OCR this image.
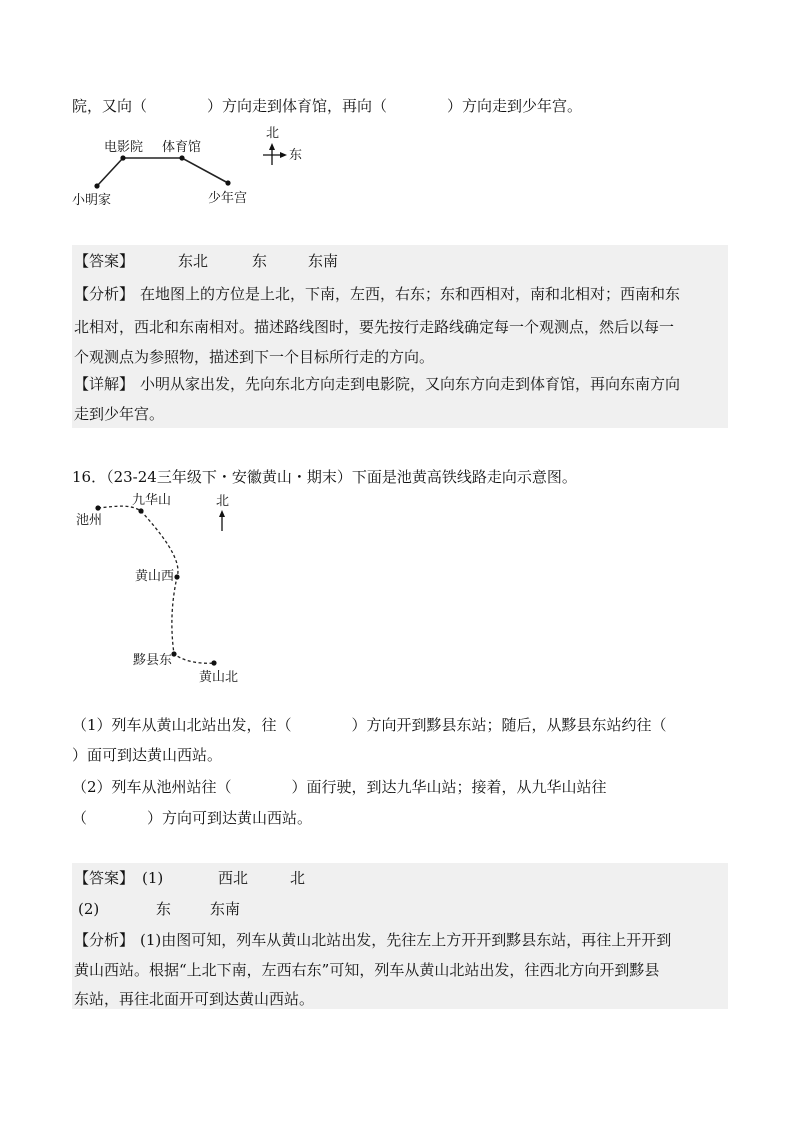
院，又向（　　　　）方向走到体育馆，再向（　　　　）方向走到少年宫。
电影院 体育馆
小明家	少年宫
北
东
【答案】	东北	东	东南
【分析】 在地图上的方位是上北，下南，左西，右东；东和西相对，南和北相对；西南和东
北相对，西北和东南相对。描述路线图时，要先按行走路线确定每一个观测点，然后以每一
个观测点为参照物，描述到下一个目标所行走的方向。
【详解】 小明从家出发，先向东北方向走到电影院，又向东方向走到体育馆，再向东南方向
走到少年宫。
16．（23-24三年级下・安徽黄山・期末）下面是池黄高铁线路走向示意图。
池州
九华山
黄山西
黟县东
黄山北
北
（1）列车从黄山北站出发，往（　　　　）方向开到黟县东站；随后，从黟县东站约往（
）面可到达黄山西站。
（2）列车从池州站往（　　　　）面行驶，到达九华山站；接着，从九华山站往
（　　　　）方向可到达黄山西站。
【答案】 (1)	西北	北
(2)	东	东南
【分析】 (1)由图可知，列车从黄山北站出发，先往左上方开开到黟县东站，再往上开开到
黄山西站。根据“上北下南，左西右东”可知，列车从黄山北站出发，往西北方向开到黟县
东站，再往北面开可到达黄山西站。
